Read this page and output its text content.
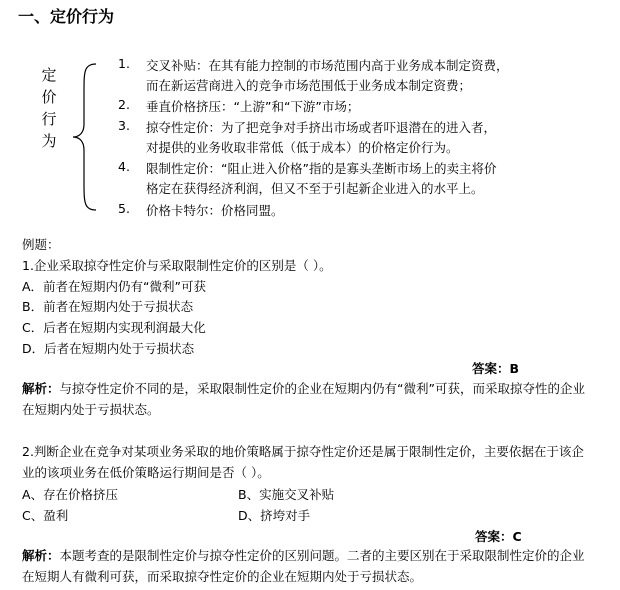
一、定价行为
定
价
行
为
1. 交叉补贴：在其有能力控制的市场范围内高于业务成本制定资费，
而在新运营商进入的竞争市场范围低于业务成本制定资费；
2. 垂直价格挤压：“上游”和“下游”市场；
3. 掠夺性定价：为了把竞争对手挤出市场或者吓退潜在的进入者，
对提供的业务收取非常低（低于成本）的价格定价行为。
4. 限制性定价：“阻止进入价格”指的是寡头垄断市场上的卖主将价
格定在获得经济利润，但又不至于引起新企业进入的水平上。
5. 价格卡特尔：价格同盟。
例题：
1.企业采取掠夺性定价与采取限制性定价的区别是（ ）。
A．前者在短期内仍有“微利”可获
B．前者在短期内处于亏损状态
C．后者在短期内实现利润最大化
D．后者在短期内处于亏损状态
答案：B
解析：与掠夺性定价不同的是，采取限制性定价的企业在短期内仍有“微利”可获，而采取掠夺性的企业在短期内处于亏损状态。
2.判断企业在竞争对某项业务采取的地价策略属于掠夺性定价还是属于限制性定价，主要依据在于该企业的该项业务在低价策略运行期间是否（ ）。
A、存在价格挤压	B、实施交叉补贴
C、盈利	D、挤垮对手
答案：C
解析：本题考查的是限制性定价与掠夺性定价的区别问题。二者的主要区别在于采取限制性定价的企业在短期人有微利可获，而采取掠夺性定价的企业在短期内处于亏损状态。
